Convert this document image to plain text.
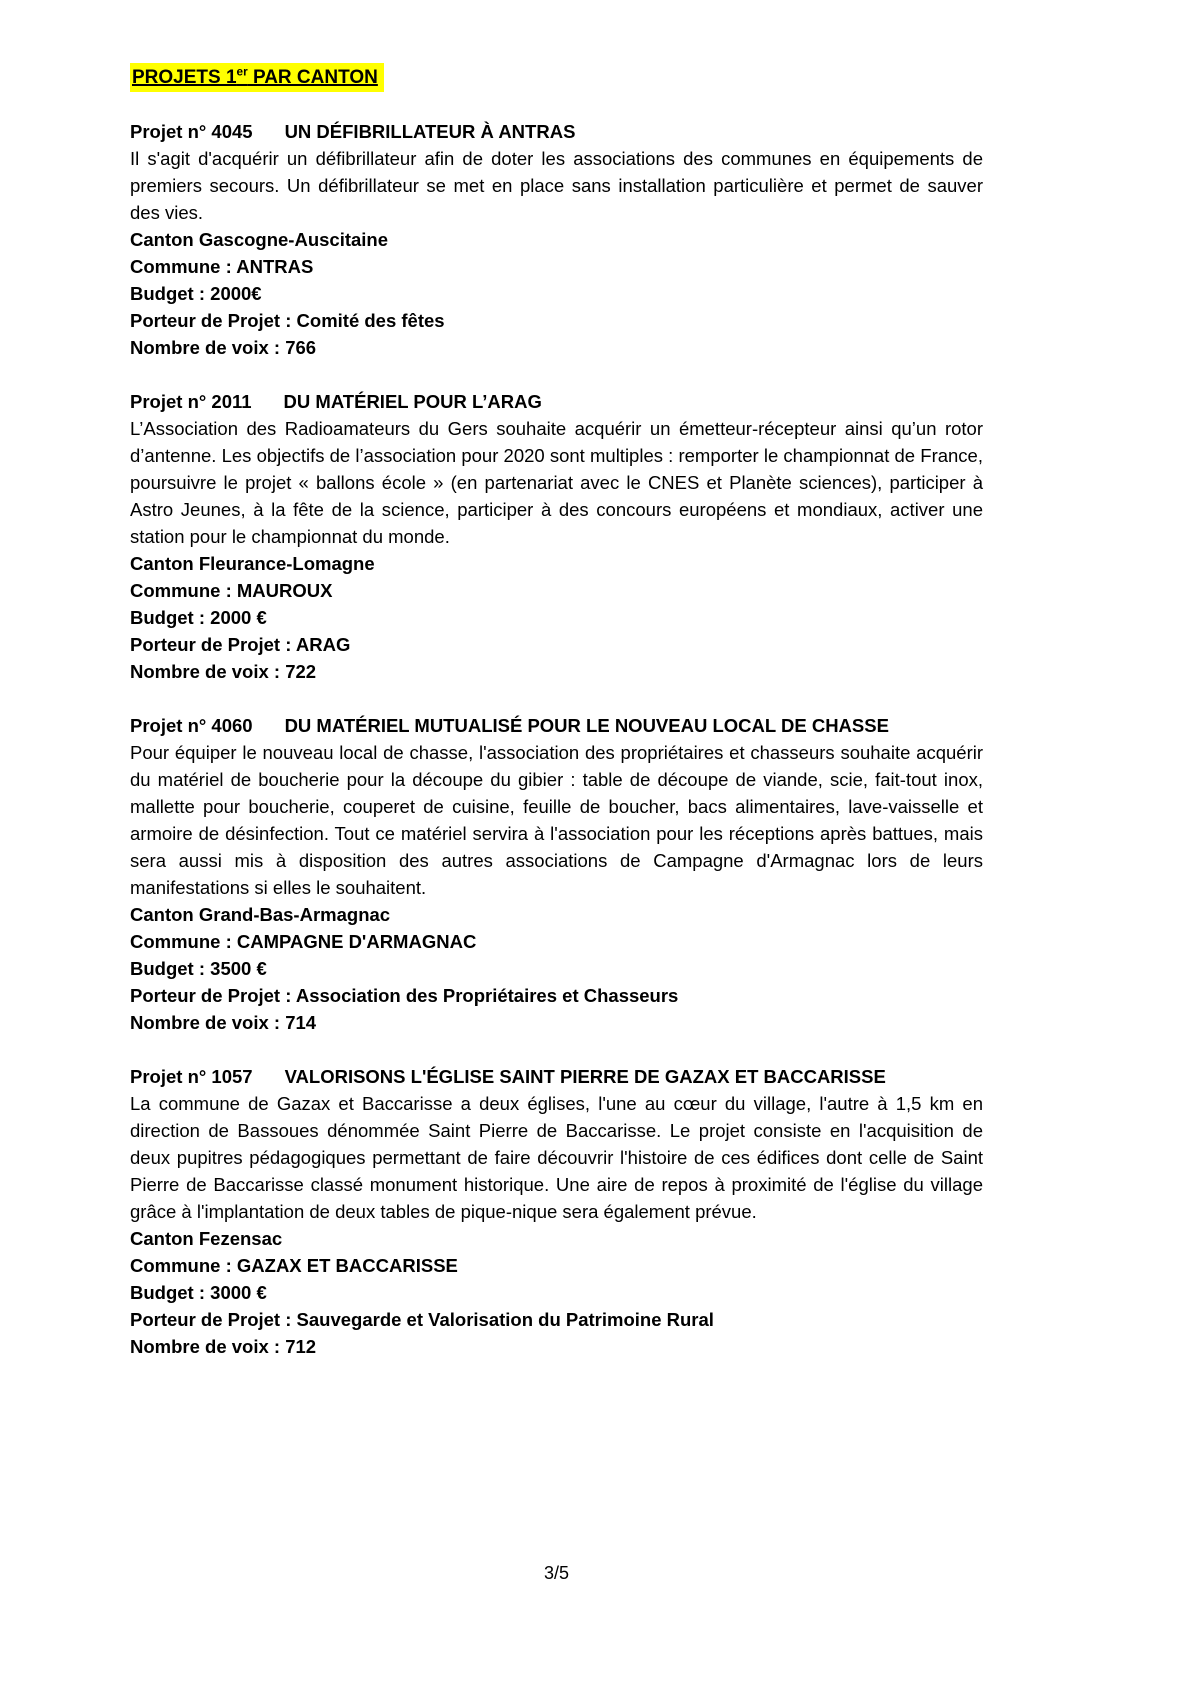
PROJETS 1er PAR CANTON

Projet n° 4045 UN DÉFIBRILLATEUR À ANTRAS

Il s'agit d'acquérir un défibrillateur afin de doter les associations des communes en équipements de premiers secours. Un défibrillateur se met en place sans installation particulière et permet de sauver des vies.

Canton Gascogne-Auscitaine

Commune : ANTRAS

Budget : 2000€

Porteur de Projet : Comité des fêtes

Nombre de voix : 766

Projet n° 2011 DU MATÉRIEL POUR L’ARAG

L’Association des Radioamateurs du Gers souhaite acquérir un émetteur-récepteur ainsi qu’un rotor d’antenne. Les objectifs de l’association pour 2020 sont multiples : remporter le championnat de France, poursuivre le projet « ballons école » (en partenariat avec le CNES et Planète sciences), participer à Astro Jeunes, à la fête de la science, participer à des concours européens et mondiaux, activer une station pour le championnat du monde.

Canton Fleurance-Lomagne

Commune : MAUROUX

Budget : 2000 €

Porteur de Projet : ARAG

Nombre de voix : 722

Projet n° 4060 DU MATÉRIEL MUTUALISÉ POUR LE NOUVEAU LOCAL DE CHASSE

Pour équiper le nouveau local de chasse, l'association des propriétaires et chasseurs souhaite acquérir du matériel de boucherie pour la découpe du gibier : table de découpe de viande, scie, fait-tout inox, mallette pour boucherie, couperet de cuisine, feuille de boucher, bacs alimentaires, lave-vaisselle et armoire de désinfection. Tout ce matériel servira à l'association pour les réceptions après battues, mais sera aussi mis à disposition des autres associations de Campagne d'Armagnac lors de leurs manifestations si elles le souhaitent.

Canton Grand-Bas-Armagnac

Commune : CAMPAGNE D'ARMAGNAC

Budget : 3500 €

Porteur de Projet : Association des Propriétaires et Chasseurs

Nombre de voix : 714

Projet n° 1057 VALORISONS L'ÉGLISE SAINT PIERRE DE GAZAX ET BACCARISSE

La commune de Gazax et Baccarisse a deux églises, l'une au cœur du village, l'autre à 1,5 km en direction de Bassoues dénommée Saint Pierre de Baccarisse. Le projet consiste en l'acquisition de deux pupitres pédagogiques permettant de faire découvrir l'histoire de ces édifices dont celle de Saint Pierre de Baccarisse classé monument historique. Une aire de repos à proximité de l'église du village grâce à l'implantation de deux tables de pique-nique sera également prévue.

Canton Fezensac

Commune : GAZAX ET BACCARISSE

Budget : 3000 €

Porteur de Projet : Sauvegarde et Valorisation du Patrimoine Rural

Nombre de voix : 712

3/5
